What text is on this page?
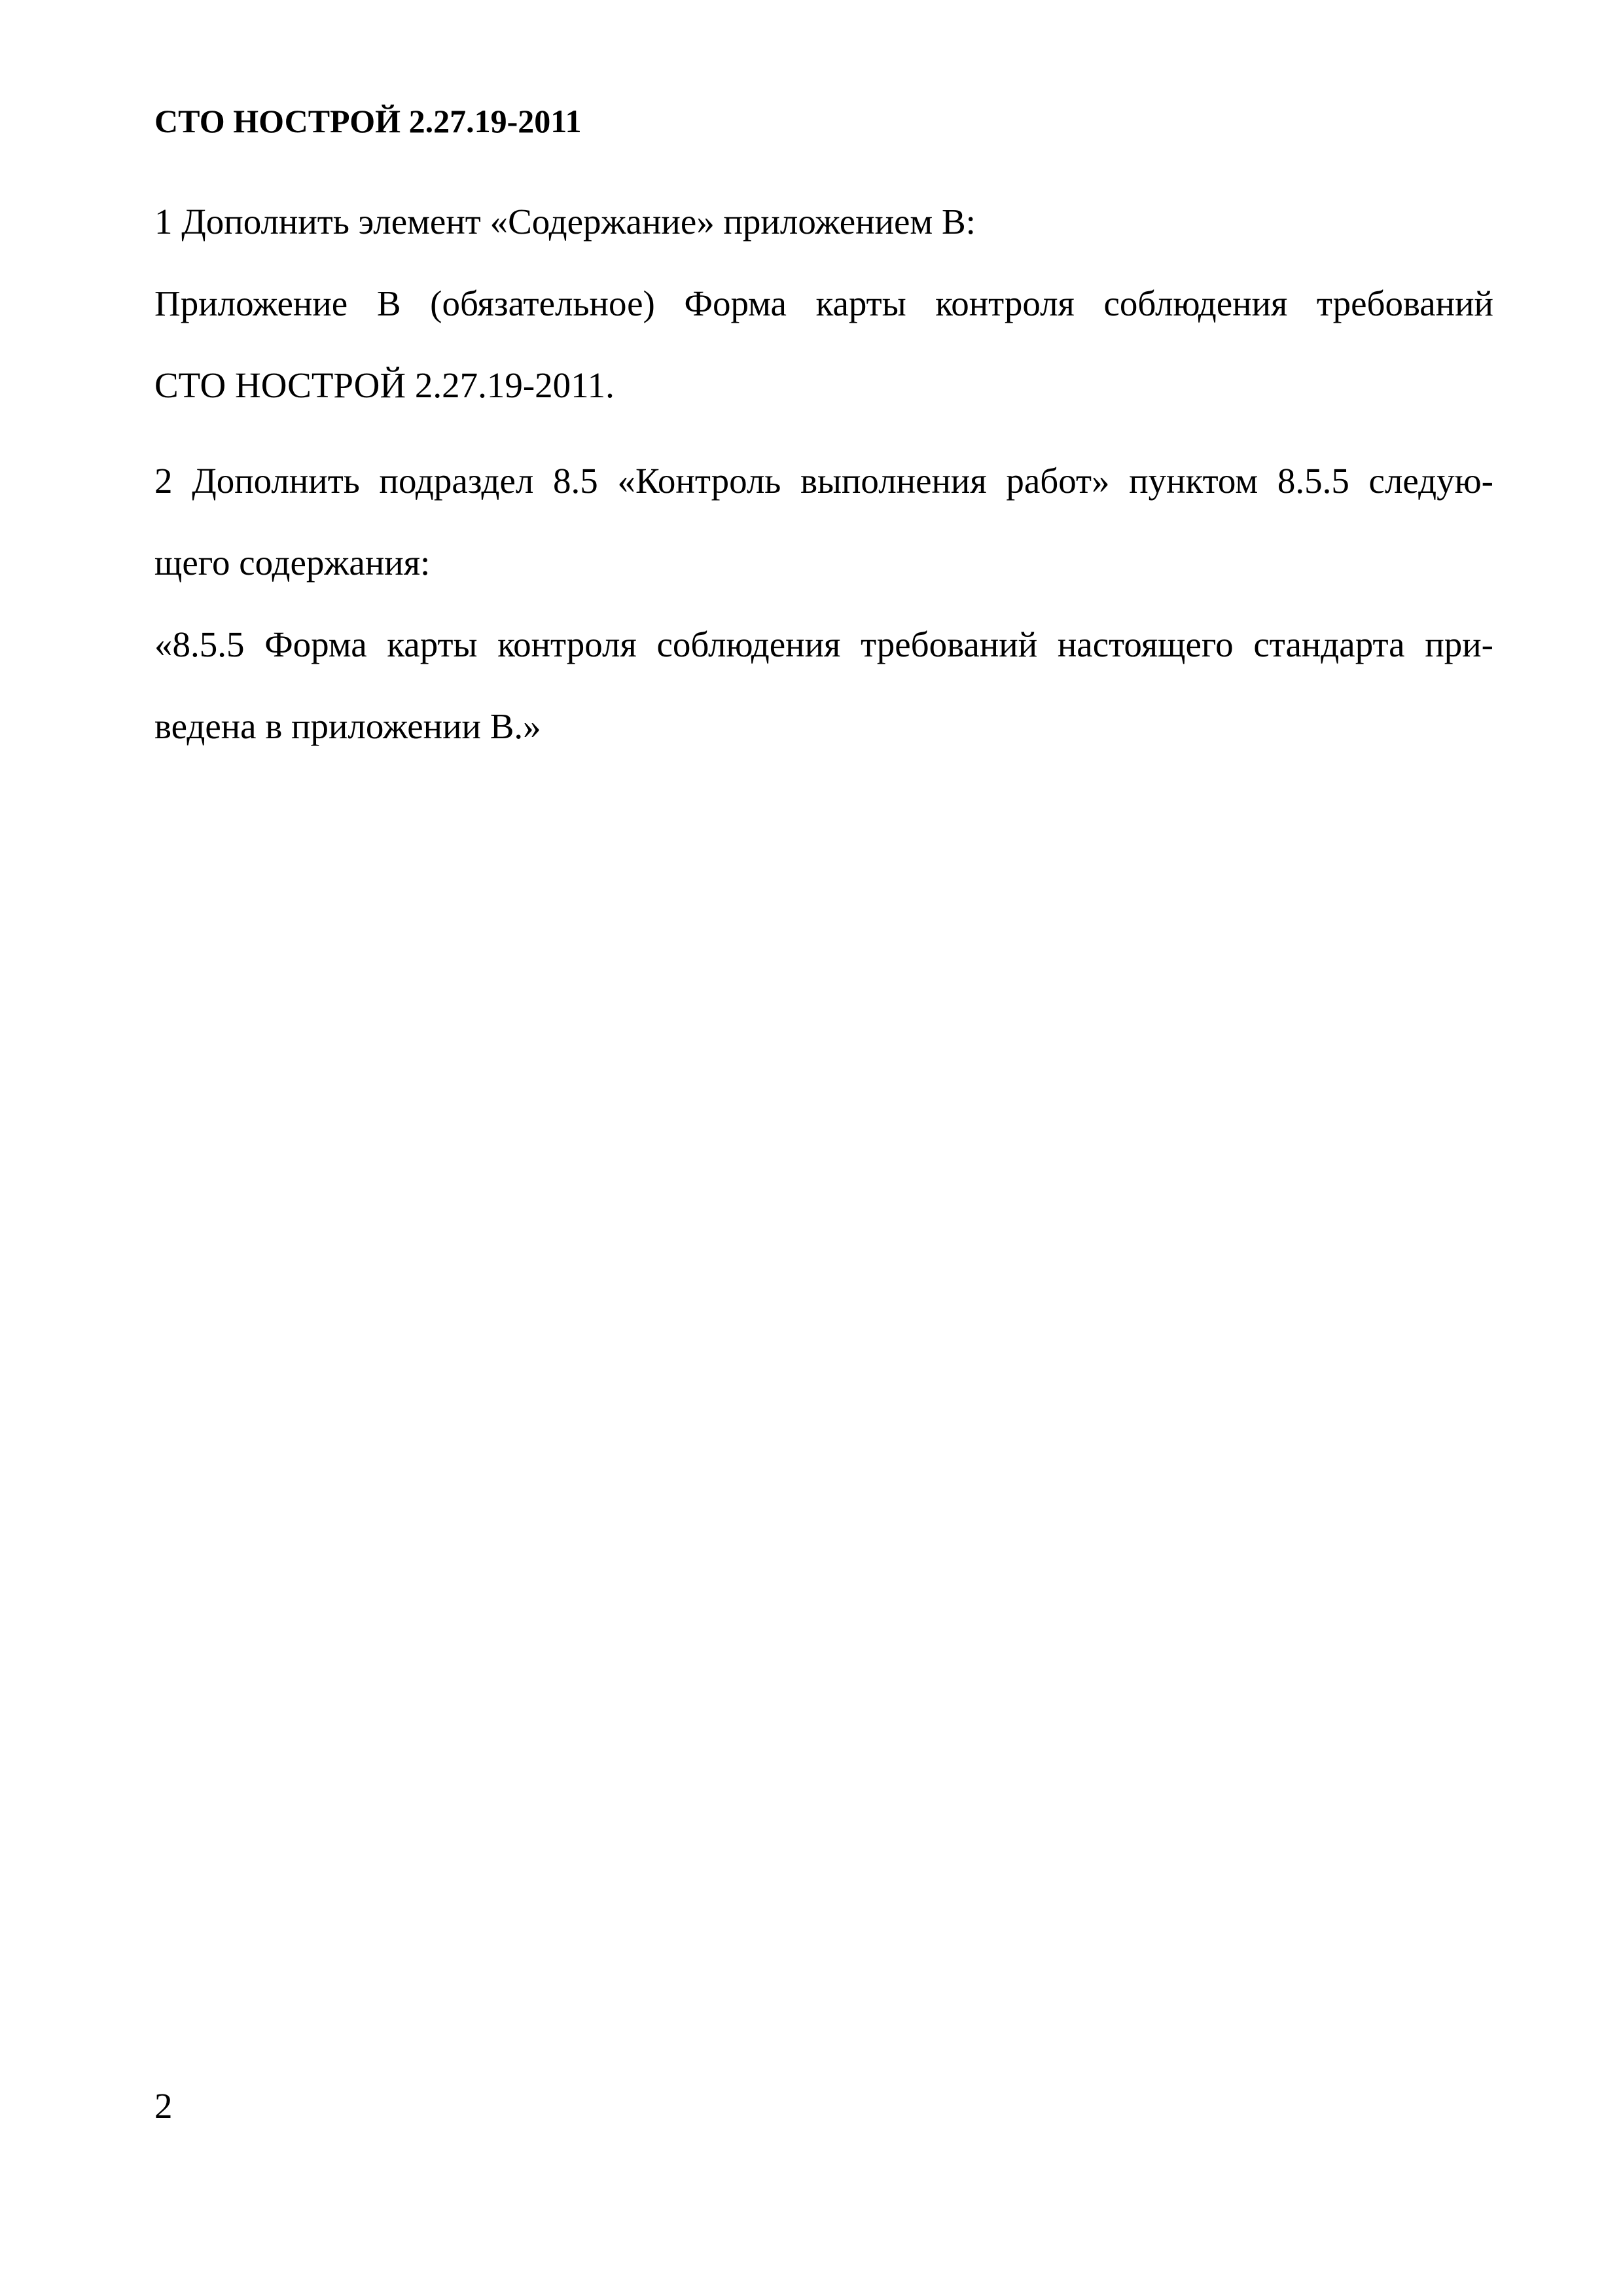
СТО НОСТРОЙ 2.27.19-2011
1 Дополнить элемент «Содержание» приложением В:
Приложение В (обязательное) Форма карты контроля соблюдения требований
СТО НОСТРОЙ 2.27.19-2011.
2 Дополнить подраздел 8.5 «Контроль выполнения работ» пунктом 8.5.5 следую-
щего содержания:
«8.5.5 Форма карты контроля соблюдения требований настоящего стандарта при-
ведена в приложении В.»
2
